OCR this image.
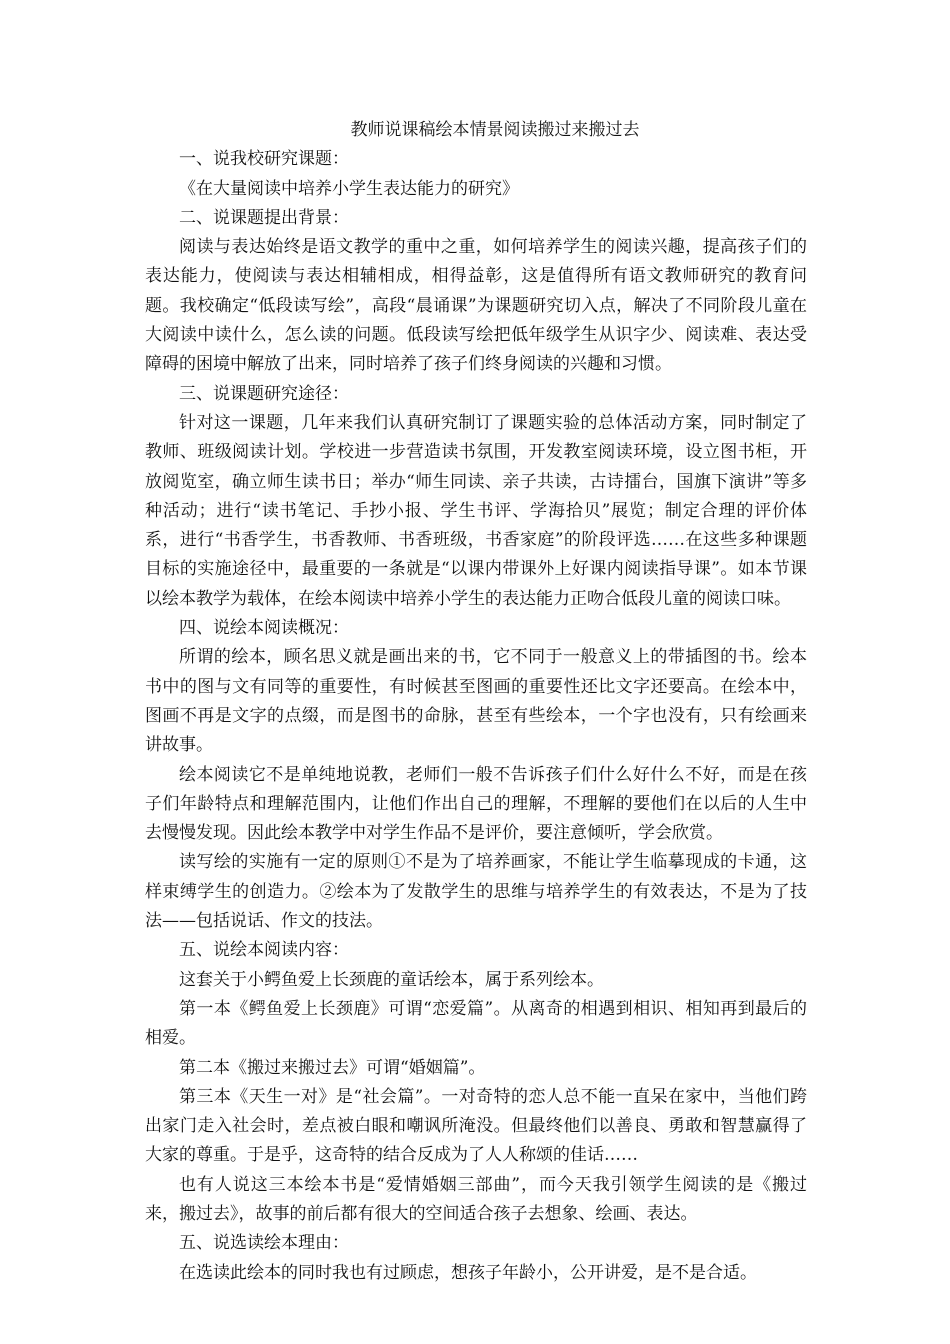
教师说课稿绘本情景阅读搬过来搬过去

一、说我校研究课题：

《在大量阅读中培养小学生表达能力的研究》

二、说课题提出背景：

阅读与表达始终是语文教学的重中之重，如何培养学生的阅读兴趣，提高孩子们的表达能力，使阅读与表达相辅相成，相得益彰，这是值得所有语文教师研究的教育问题。我校确定“低段读写绘”，高段“晨诵课”为课题研究切入点，解决了不同阶段儿童在大阅读中读什么，怎么读的问题。低段读写绘把低年级学生从识字少、阅读难、表达受障碍的困境中解放了出来，同时培养了孩子们终身阅读的兴趣和习惯。

三、说课题研究途径：

针对这一课题，几年来我们认真研究制订了课题实验的总体活动方案，同时制定了教师、班级阅读计划。学校进一步营造读书氛围，开发教室阅读环境，设立图书柜，开放阅览室，确立师生读书日；举办“师生同读、亲子共读，古诗擂台，国旗下演讲”等多种活动；进行“读书笔记、手抄小报、学生书评、学海拾贝”展览；制定合理的评价体系，进行“书香学生，书香教师、书香班级，书香家庭”的阶段评选……在这些多种课题目标的实施途径中，最重要的一条就是“以课内带课外上好课内阅读指导课”。如本节课以绘本教学为载体，在绘本阅读中培养小学生的表达能力正吻合低段儿童的阅读口味。

四、说绘本阅读概况：

所谓的绘本，顾名思义就是画出来的书，它不同于一般意义上的带插图的书。绘本书中的图与文有同等的重要性，有时候甚至图画的重要性还比文字还要高。在绘本中，图画不再是文字的点缀，而是图书的命脉，甚至有些绘本，一个字也没有，只有绘画来讲故事。

绘本阅读它不是单纯地说教，老师们一般不告诉孩子们什么好什么不好，而是在孩子们年龄特点和理解范围内，让他们作出自己的理解，不理解的要他们在以后的人生中去慢慢发现。因此绘本教学中对学生作品不是评价，要注意倾听，学会欣赏。

读写绘的实施有一定的原则①不是为了培养画家，不能让学生临摹现成的卡通，这样束缚学生的创造力。②绘本为了发散学生的思维与培养学生的有效表达，不是为了技法——包括说话、作文的技法。

五、说绘本阅读内容：

这套关于小鳄鱼爱上长颈鹿的童话绘本，属于系列绘本。

第一本《鳄鱼爱上长颈鹿》可谓“恋爱篇”。从离奇的相遇到相识、相知再到最后的相爱。

第二本《搬过来搬过去》可谓“婚姻篇”。

第三本《天生一对》是“社会篇”。一对奇特的恋人总不能一直呆在家中，当他们跨出家门走入社会时，差点被白眼和嘲讽所淹没。但最终他们以善良、勇敢和智慧赢得了大家的尊重。于是乎，这奇特的结合反成为了人人称颂的佳话……

也有人说这三本绘本书是“爱情婚姻三部曲”，而今天我引领学生阅读的是《搬过来，搬过去》，故事的前后都有很大的空间适合孩子去想象、绘画、表达。

五、说选读绘本理由：

在选读此绘本的同时我也有过顾虑，想孩子年龄小，公开讲爱，是不是合适。
